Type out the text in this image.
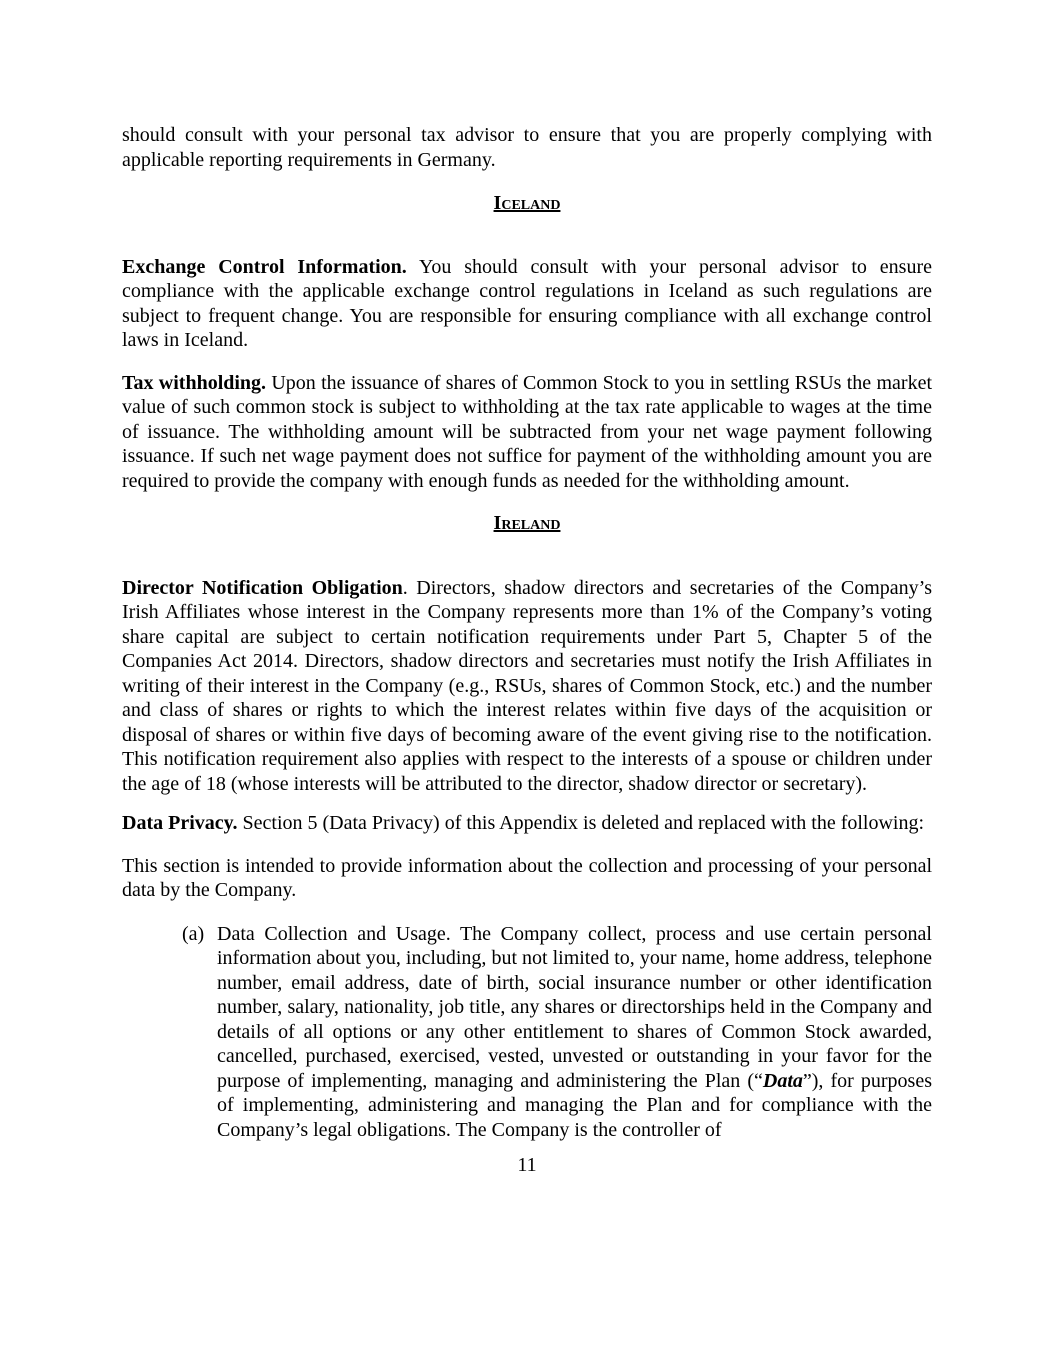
should consult with your personal tax advisor to ensure that you are properly complying with applicable reporting requirements in Germany.

Iceland

Exchange Control Information. You should consult with your personal advisor to ensure compliance with the applicable exchange control regulations in Iceland as such regulations are subject to frequent change. You are responsible for ensuring compliance with all exchange control laws in Iceland.

Tax withholding. Upon the issuance of shares of Common Stock to you in settling RSUs the market value of such common stock is subject to withholding at the tax rate applicable to wages at the time of issuance. The withholding amount will be subtracted from your net wage payment following issuance. If such net wage payment does not suffice for payment of the withholding amount you are required to provide the company with enough funds as needed for the withholding amount.

Ireland

Director Notification Obligation. Directors, shadow directors and secretaries of the Company’s Irish Affiliates whose interest in the Company represents more than 1% of the Company’s voting share capital are subject to certain notification requirements under Part 5, Chapter 5 of the Companies Act 2014. Directors, shadow directors and secretaries must notify the Irish Affiliates in writing of their interest in the Company (e.g., RSUs, shares of Common Stock, etc.) and the number and class of shares or rights to which the interest relates within five days of the acquisition or disposal of shares or within five days of becoming aware of the event giving rise to the notification. This notification requirement also applies with respect to the interests of a spouse or children under the age of 18 (whose interests will be attributed to the director, shadow director or secretary).

Data Privacy. Section 5 (Data Privacy) of this Appendix is deleted and replaced with the following:

This section is intended to provide information about the collection and processing of your personal data by the Company.

(a) Data Collection and Usage. The Company collect, process and use certain personal information about you, including, but not limited to, your name, home address, telephone number, email address, date of birth, social insurance number or other identification number, salary, nationality, job title, any shares or directorships held in the Company and details of all options or any other entitlement to shares of Common Stock awarded, cancelled, purchased, exercised, vested, unvested or outstanding in your favor for the purpose of implementing, managing and administering the Plan (“Data”), for purposes of implementing, administering and managing the Plan and for compliance with the Company’s legal obligations. The Company is the controller of

11
